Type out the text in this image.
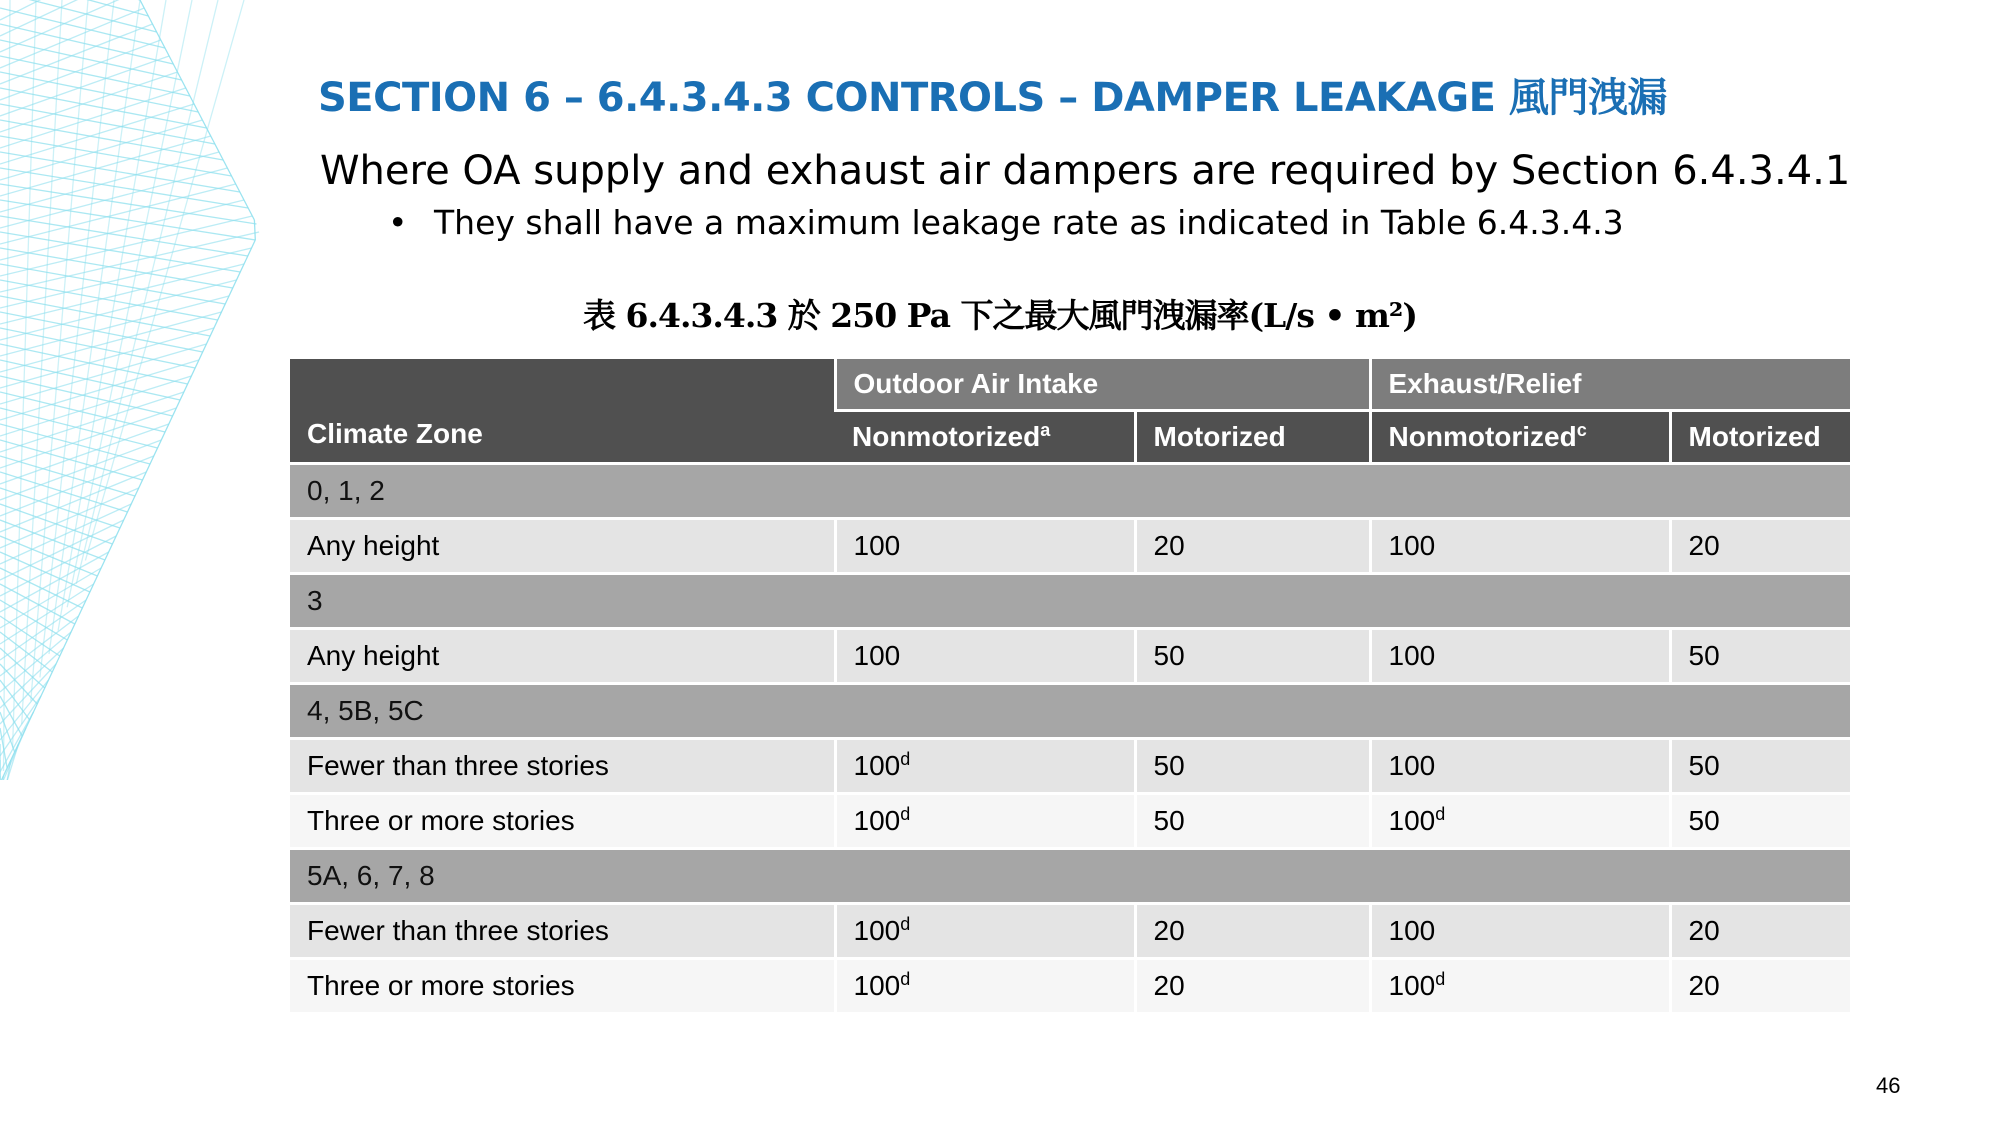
SECTION 6 – 6.4.3.4.3 CONTROLS – DAMPER LEAKAGE 風門洩漏
Where OA supply and exhaust air dampers are required by Section 6.4.3.4.1
• They shall have a maximum leakage rate as indicated in Table 6.4.3.4.3
表 6.4.3.4.3 於 250 Pa 下之最大風門洩漏率(L/s • m²)
Climate Zone	Outdoor Air Intake		Exhaust/Relief	
	Nonmotorized$^a$	Motorized	Nonmotorized$^c$	Motorized
0, 1, 2				
Any height	100	20	100	20
3				
Any height	100	50	100	50
4, 5B, 5C				
Fewer than three stories	100$^d$	50	100	50
Three or more stories	100$^d$	50	100$^d$	50
5A, 6, 7, 8				
Fewer than three stories	100$^d$	20	100	20
Three or more stories	100$^d$	20	100$^d$	20
46
